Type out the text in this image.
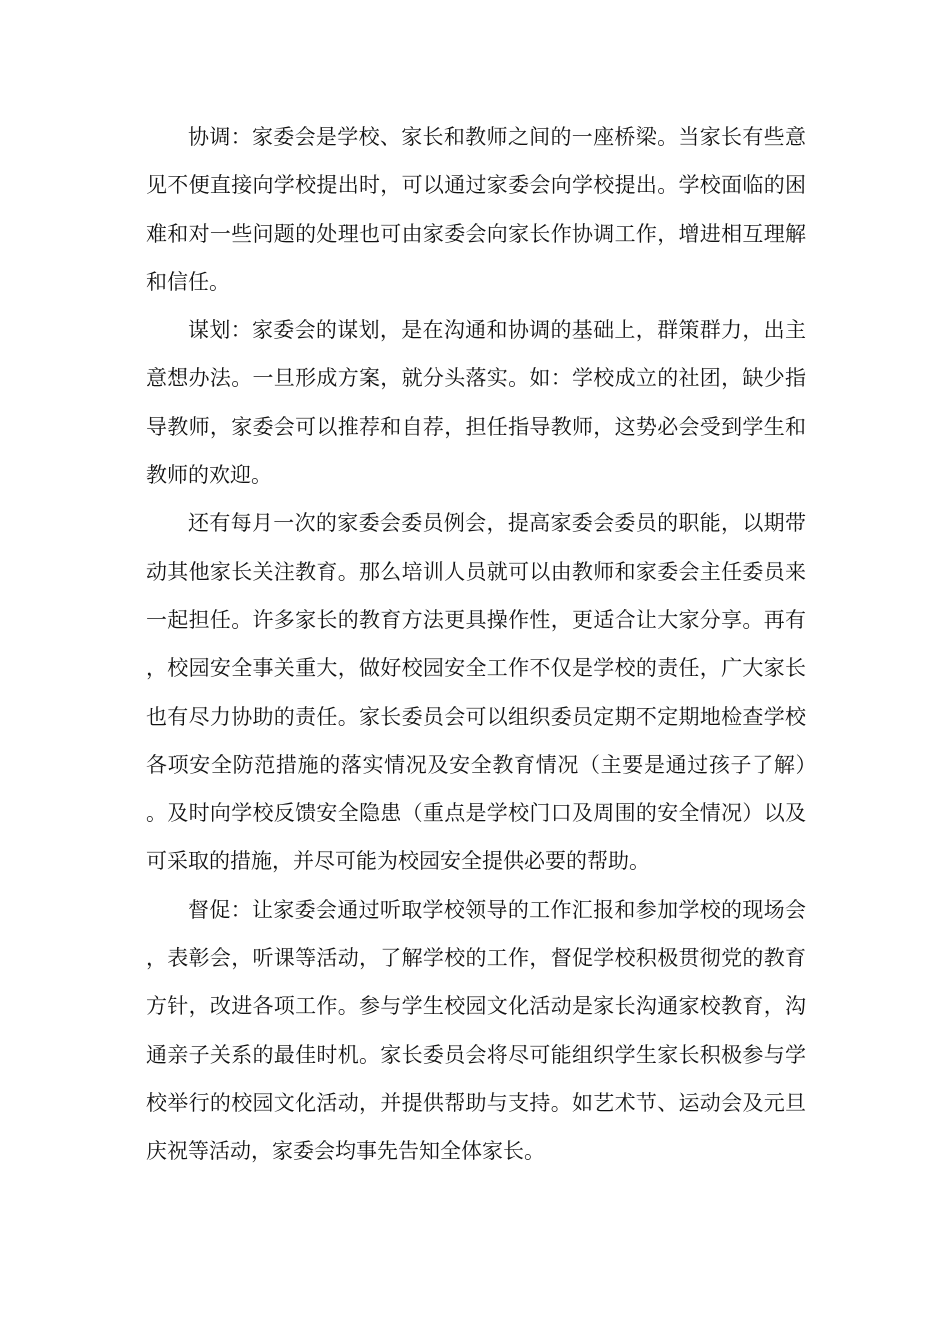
协调：家委会是学校、家长和教师之间的一座桥梁。当家长有些意见不便直接向学校提出时，可以通过家委会向学校提出。学校面临的困难和对一些问题的处理也可由家委会向家长作协调工作，增进相互理解和信任。

谋划：家委会的谋划，是在沟通和协调的基础上，群策群力，出主意想办法。一旦形成方案，就分头落实。如：学校成立的社团，缺少指导教师，家委会可以推荐和自荐，担任指导教师，这势必会受到学生和教师的欢迎。

还有每月一次的家委会委员例会，提高家委会委员的职能，以期带动其他家长关注教育。那么培训人员就可以由教师和家委会主任委员来一起担任。许多家长的教育方法更具操作性，更适合让大家分享。再有，校园安全事关重大，做好校园安全工作不仅是学校的责任，广大家长也有尽力协助的责任。家长委员会可以组织委员定期不定期地检查学校各项安全防范措施的落实情况及安全教育情况（主要是通过孩子了解）。及时向学校反馈安全隐患（重点是学校门口及周围的安全情况）以及可采取的措施，并尽可能为校园安全提供必要的帮助。

督促：让家委会通过听取学校领导的工作汇报和参加学校的现场会，表彰会，听课等活动，了解学校的工作，督促学校积极贯彻党的教育方针，改进各项工作。参与学生校园文化活动是家长沟通家校教育，沟通亲子关系的最佳时机。家长委员会将尽可能组织学生家长积极参与学校举行的校园文化活动，并提供帮助与支持。如艺术节、运动会及元旦庆祝等活动，家委会均事先告知全体家长。
